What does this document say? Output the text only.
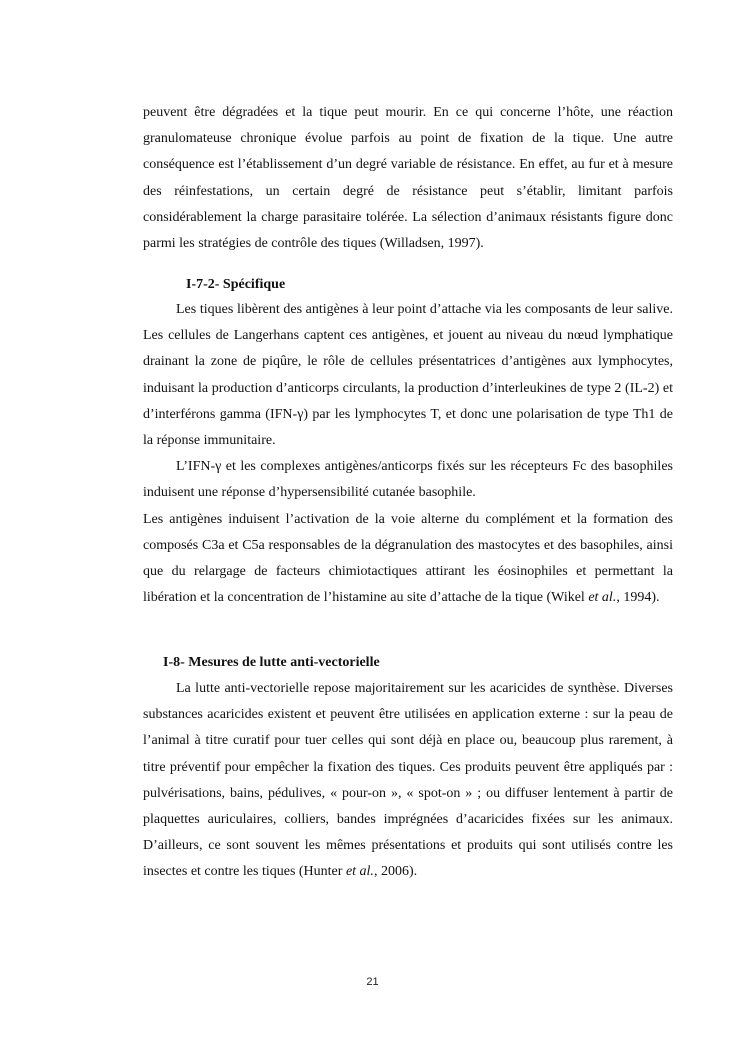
peuvent être dégradées et la tique peut mourir. En ce qui concerne l’hôte, une réaction granulomateuse chronique évolue parfois au point de fixation de la tique. Une autre conséquence est l’établissement d’un degré variable de résistance. En effet, au fur et à mesure des réinfestations, un certain degré de résistance peut s’établir, limitant parfois considérablement la charge parasitaire tolérée. La sélection d’animaux résistants figure donc parmi les stratégies de contrôle des tiques (Willadsen, 1997).

I-7-2- Spécifique

Les tiques libèrent des antigènes à leur point d’attache via les composants de leur salive. Les cellules de Langerhans captent ces antigènes, et jouent au niveau du nœud lymphatique drainant la zone de piqûre, le rôle de cellules présentatrices d’antigènes aux lymphocytes, induisant la production d’anticorps circulants, la production d’interleukines de type 2 (IL-2) et d’interférons gamma (IFN-γ) par les lymphocytes T, et donc une polarisation de type Th1 de la réponse immunitaire.

L’IFN-γ et les complexes antigènes/anticorps fixés sur les récepteurs Fc des basophiles induisent une réponse d’hypersensibilité cutanée basophile.

Les antigènes induisent l’activation de la voie alterne du complément et la formation des composés C3a et C5a responsables de la dégranulation des mastocytes et des basophiles, ainsi que du relargage de facteurs chimiotactiques attirant les éosinophiles et permettant la libération et la concentration de l’histamine au site d’attache de la tique (Wikel et al., 1994).

I-8- Mesures de lutte anti-vectorielle

La lutte anti-vectorielle repose majoritairement sur les acaricides de synthèse. Diverses substances acaricides existent et peuvent être utilisées en application externe : sur la peau de l’animal à titre curatif pour tuer celles qui sont déjà en place ou, beaucoup plus rarement, à titre préventif pour empêcher la fixation des tiques. Ces produits peuvent être appliqués par : pulvérisations, bains, pédulives, « pour-on », « spot-on » ; ou diffuser lentement à partir de plaquettes auriculaires, colliers, bandes imprégnées d’acaricides fixées sur les animaux. D’ailleurs, ce sont souvent les mêmes présentations et produits qui sont utilisés contre les insectes et contre les tiques (Hunter et al., 2006).

21
